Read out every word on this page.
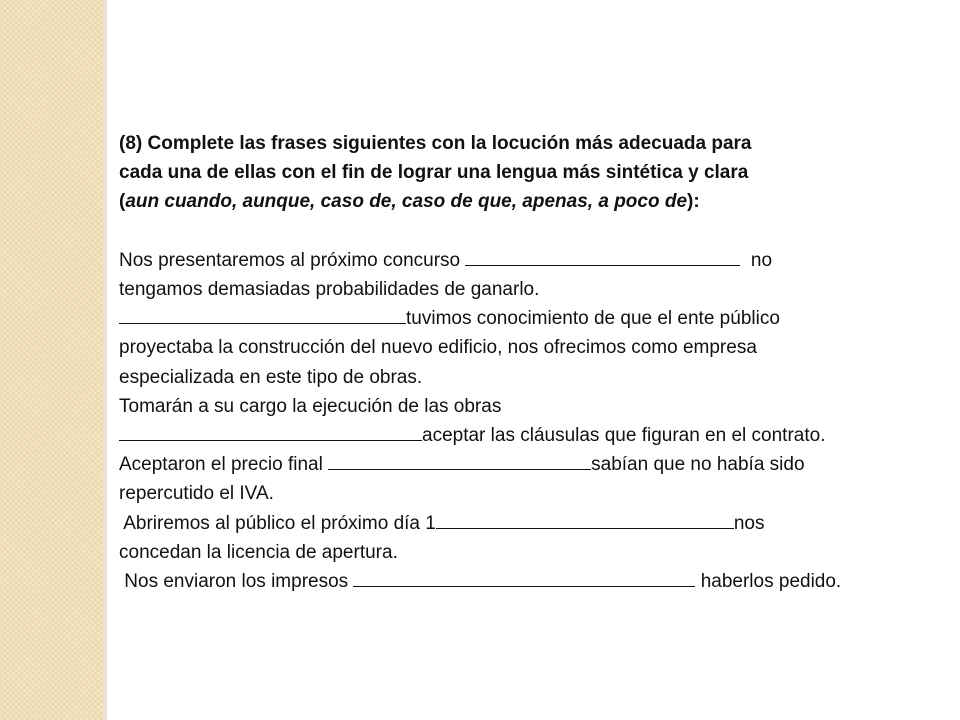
(8) Complete las frases siguientes con la locución más adecuada para

cada una de ellas con el fin de lograr una lengua más sintética y clara

(aun cuando, aunque, caso de, caso de que, apenas, a poco de):

Nos presentaremos al próximo concurso	no

tengamos demasiadas probabilidades de ganarlo.

tuvimos conocimiento de que el ente público

proyectaba la construcción del nuevo edificio, nos ofrecimos como empresa

especializada en este tipo de obras.

Tomarán a su cargo la ejecución de las obras

aceptar las cláusulas que figuran en el contrato.

Aceptaron el precio final	sabían que no había sido

repercutido el IVA.

Abriremos al público el próximo día 1	nos

concedan la licencia de apertura.

Nos enviaron los impresos	haberlos pedido.
